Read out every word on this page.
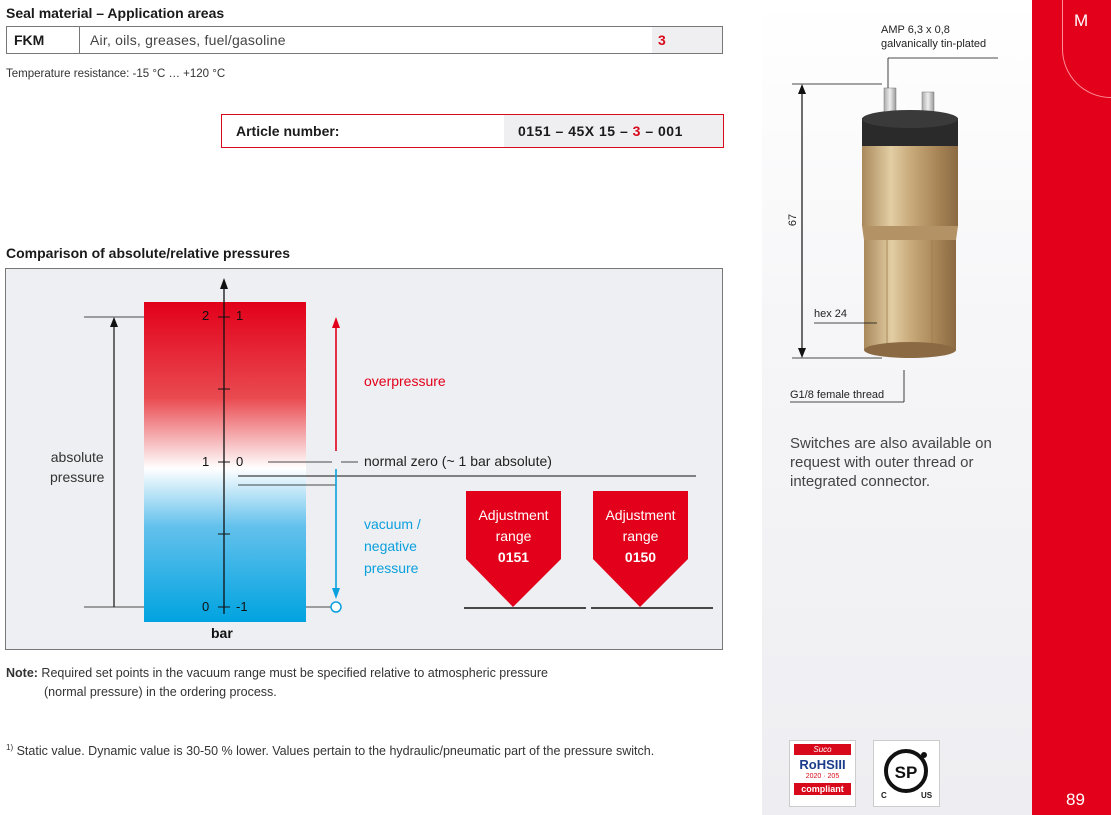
Seal material – Application areas
FKM	Air, oils, greases, fuel/gasoline	3
Temperature resistance: -15 °C … +120 °C
Article number:	0151 – 45X 15 – 3 – 001
Comparison of absolute/relative pressures
absolute
pressure
2
1
0
1
0
-1
bar
overpressure
normal zero (~ 1 bar absolute)
vacuum /
negative
pressure
Adjustment
range
0151
Adjustment
range
0150
Note: Required set points in the vacuum range must be specified relative to atmospheric pressure
(normal pressure) in the ordering process.
$^{1)}$ Static value. Dynamic value is 30-50 % lower. Values pertain to the hydraulic/pneumatic part of the pressure switch.
AMP 6,3 x 0,8
galvanically tin-plated
67
hex 24
G1/8 female thread
Switches are also available on request with outer thread or integrated connector.
Suco
RoHSIII
2020 · 205
compliant
SP
C	US
M
89
